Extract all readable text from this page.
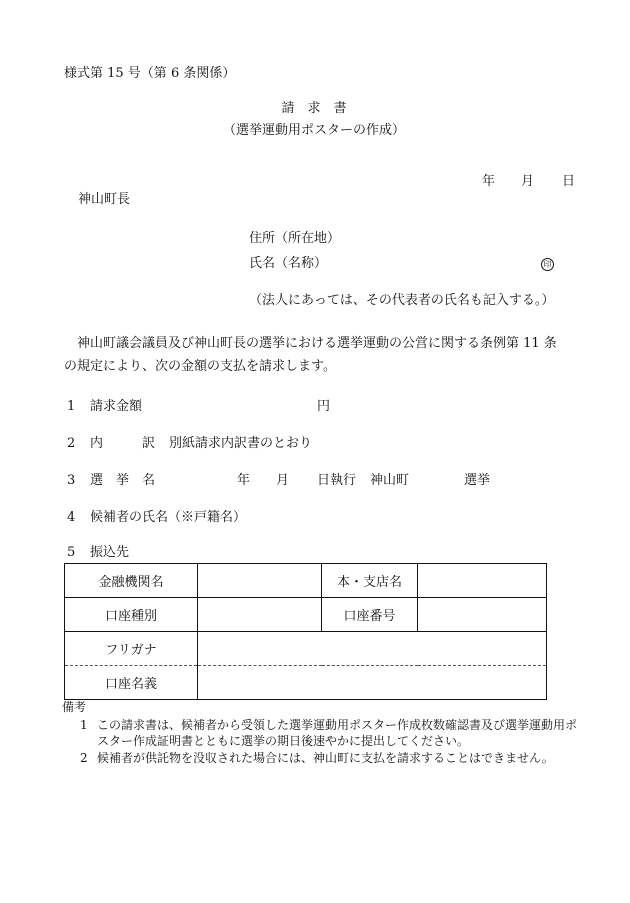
様式第 15 号（第 6 条関係）
請　求　書
（選挙運動用ポスターの作成）
年 月 日
神山町長
住所（所在地）
氏名（名称）	印
（法人にあっては、その代表者の氏名も記入する。）
神山町議会議員及び神山町長の選挙における選挙運動の公営に関する条例第 11 条
の規定により、次の金額の支払を請求します。
1 請求金額	円
2 内	訳 別紙請求内訳書のとおり
3 選 挙 名	年 月 日執行 神山町	選挙
4 候補者の氏名（※戸籍名）
5 振込先
金融機関名		本・支店名	
口座種別		口座番号	
フリガナ			
口座名義			
備考
1 この請求書は、候補者から受領した選挙運動用ポスター作成枚数確認書及び選挙運動用ポ
スター作成証明書とともに選挙の期日後速やかに提出してください。
2 候補者が供託物を没収された場合には、神山町に支払を請求することはできません。
